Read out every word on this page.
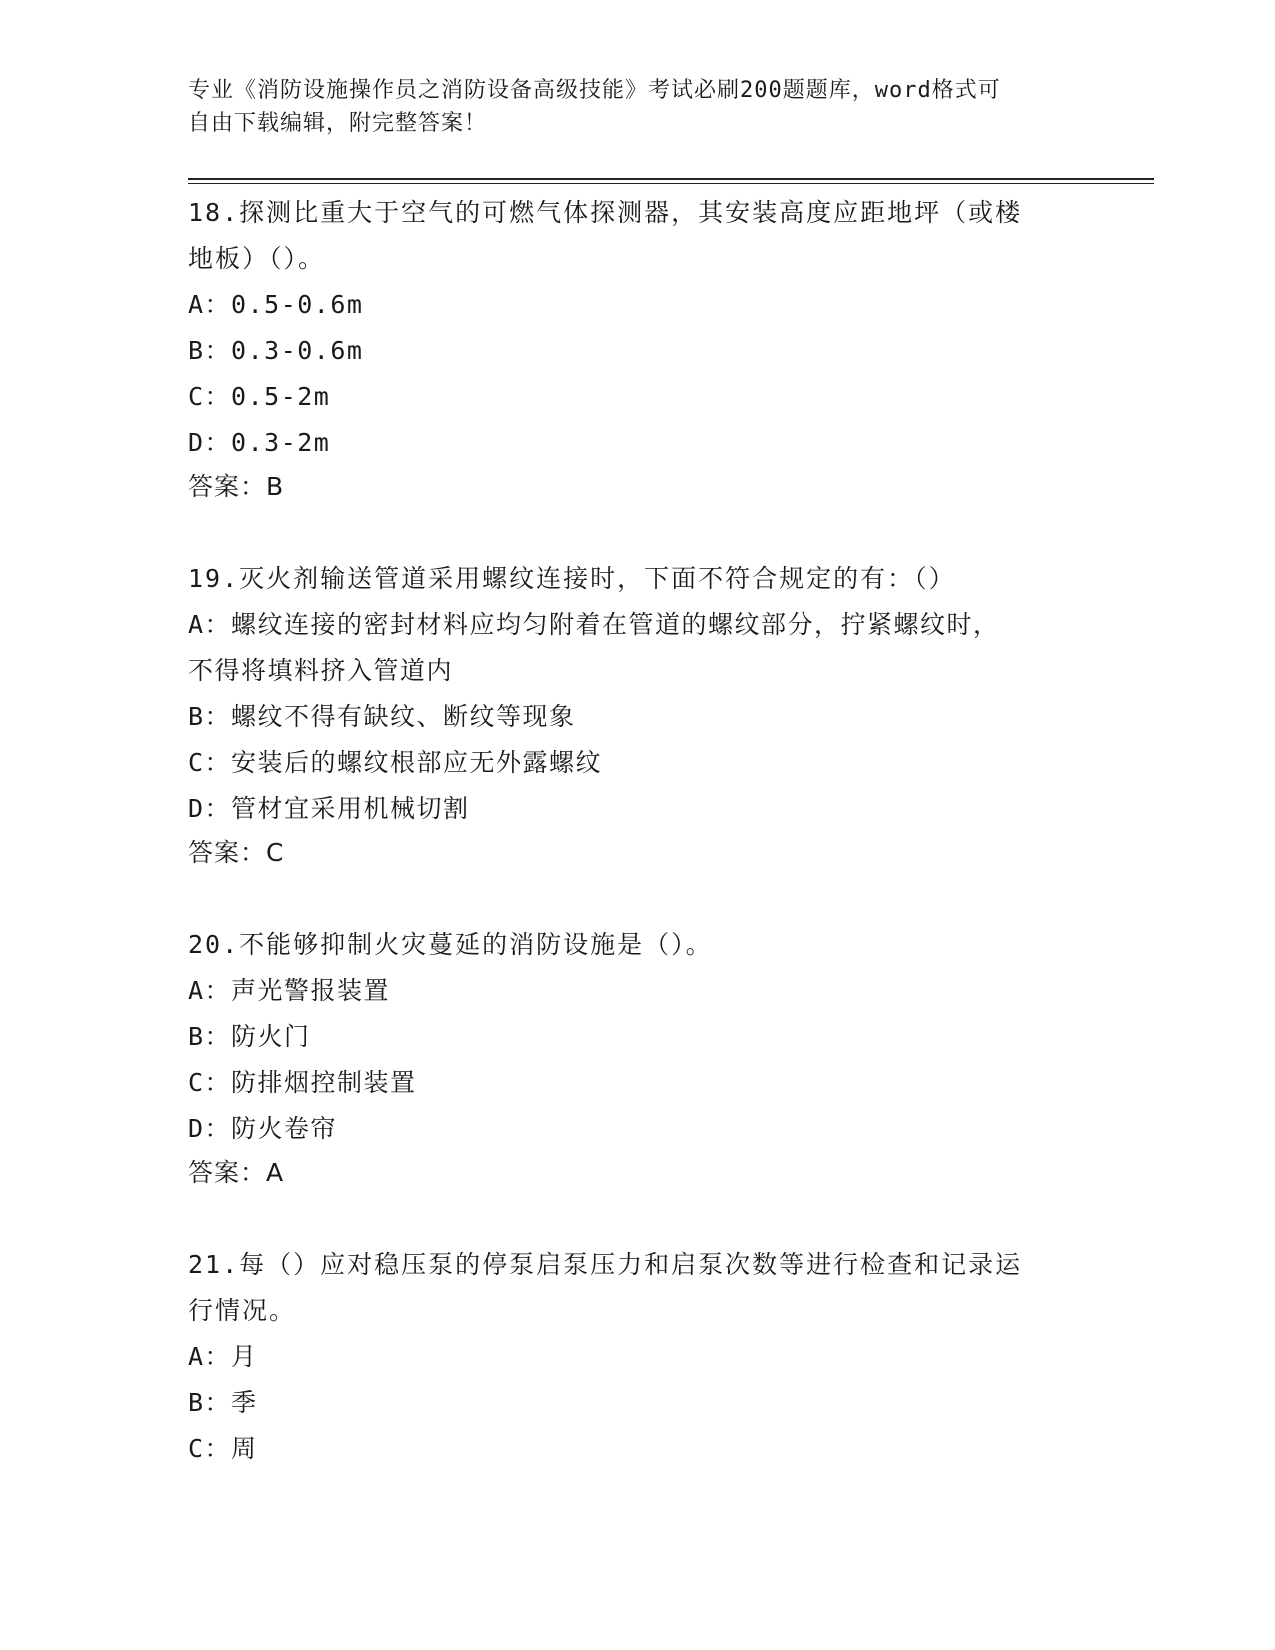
专业《消防设施操作员之消防设备高级技能》考试必刷200题题库，word格式可
自由下载编辑，附完整答案！

18.探测比重大于空气的可燃气体探测器，其安装高度应距地坪（或楼

地板）（）。

A：0.5-0.6m

B：0.3-0.6m

C：0.5-2m

D：0.3-2m

答案：B

19.灭火剂输送管道采用螺纹连接时，下面不符合规定的有：（）

A：螺纹连接的密封材料应均匀附着在管道的螺纹部分，拧紧螺纹时，

不得将填料挤入管道内

B：螺纹不得有缺纹、断纹等现象

C：安装后的螺纹根部应无外露螺纹

D：管材宜采用机械切割

答案：C

20.不能够抑制火灾蔓延的消防设施是（）。

A：声光警报装置

B：防火门

C：防排烟控制装置

D：防火卷帘

答案：A

21.每（）应对稳压泵的停泵启泵压力和启泵次数等进行检查和记录运

行情况。

A：月

B：季

C：周
